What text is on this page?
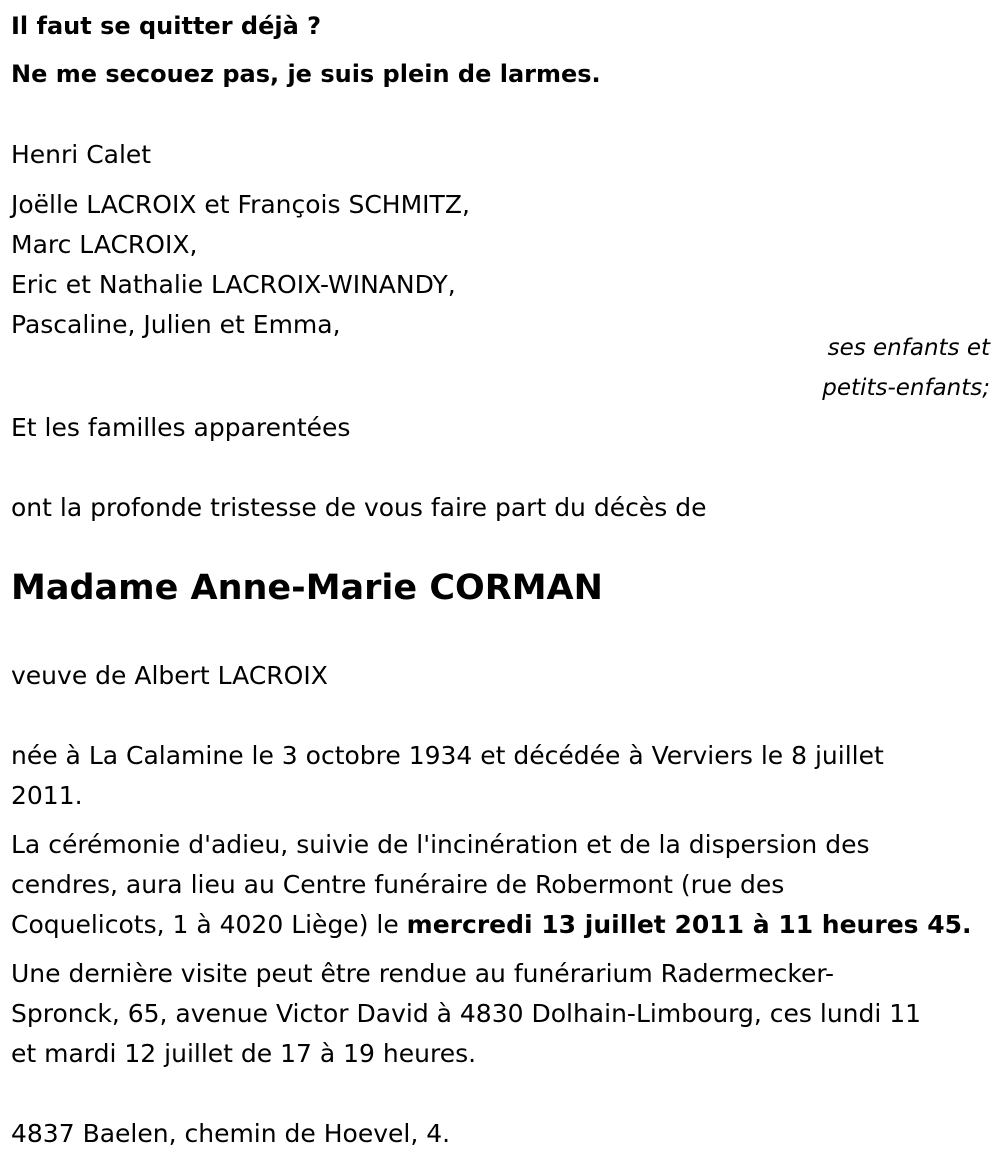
Il faut se quitter déjà ?
Ne me secouez pas, je suis plein de larmes.
Henri Calet
Joëlle LACROIX et François SCHMITZ,
Marc LACROIX,
Eric et Nathalie LACROIX-WINANDY,
Pascaline, Julien et Emma,
ses enfants et
petits-enfants;
Et les familles apparentées
ont la profonde tristesse de vous faire part du décès de
Madame Anne-Marie CORMAN
veuve de Albert LACROIX
née à La Calamine le 3 octobre 1934 et décédée à Verviers le 8 juillet
2011.
La cérémonie d'adieu, suivie de l'incinération et de la dispersion des
cendres, aura lieu au Centre funéraire de Robermont (rue des
Coquelicots, 1 à 4020 Liège) le mercredi 13 juillet 2011 à 11 heures 45.
Une dernière visite peut être rendue au funérarium Radermecker-
Spronck, 65, avenue Victor David à 4830 Dolhain-Limbourg, ces lundi 11
et mardi 12 juillet de 17 à 19 heures.
4837 Baelen, chemin de Hoevel, 4.
